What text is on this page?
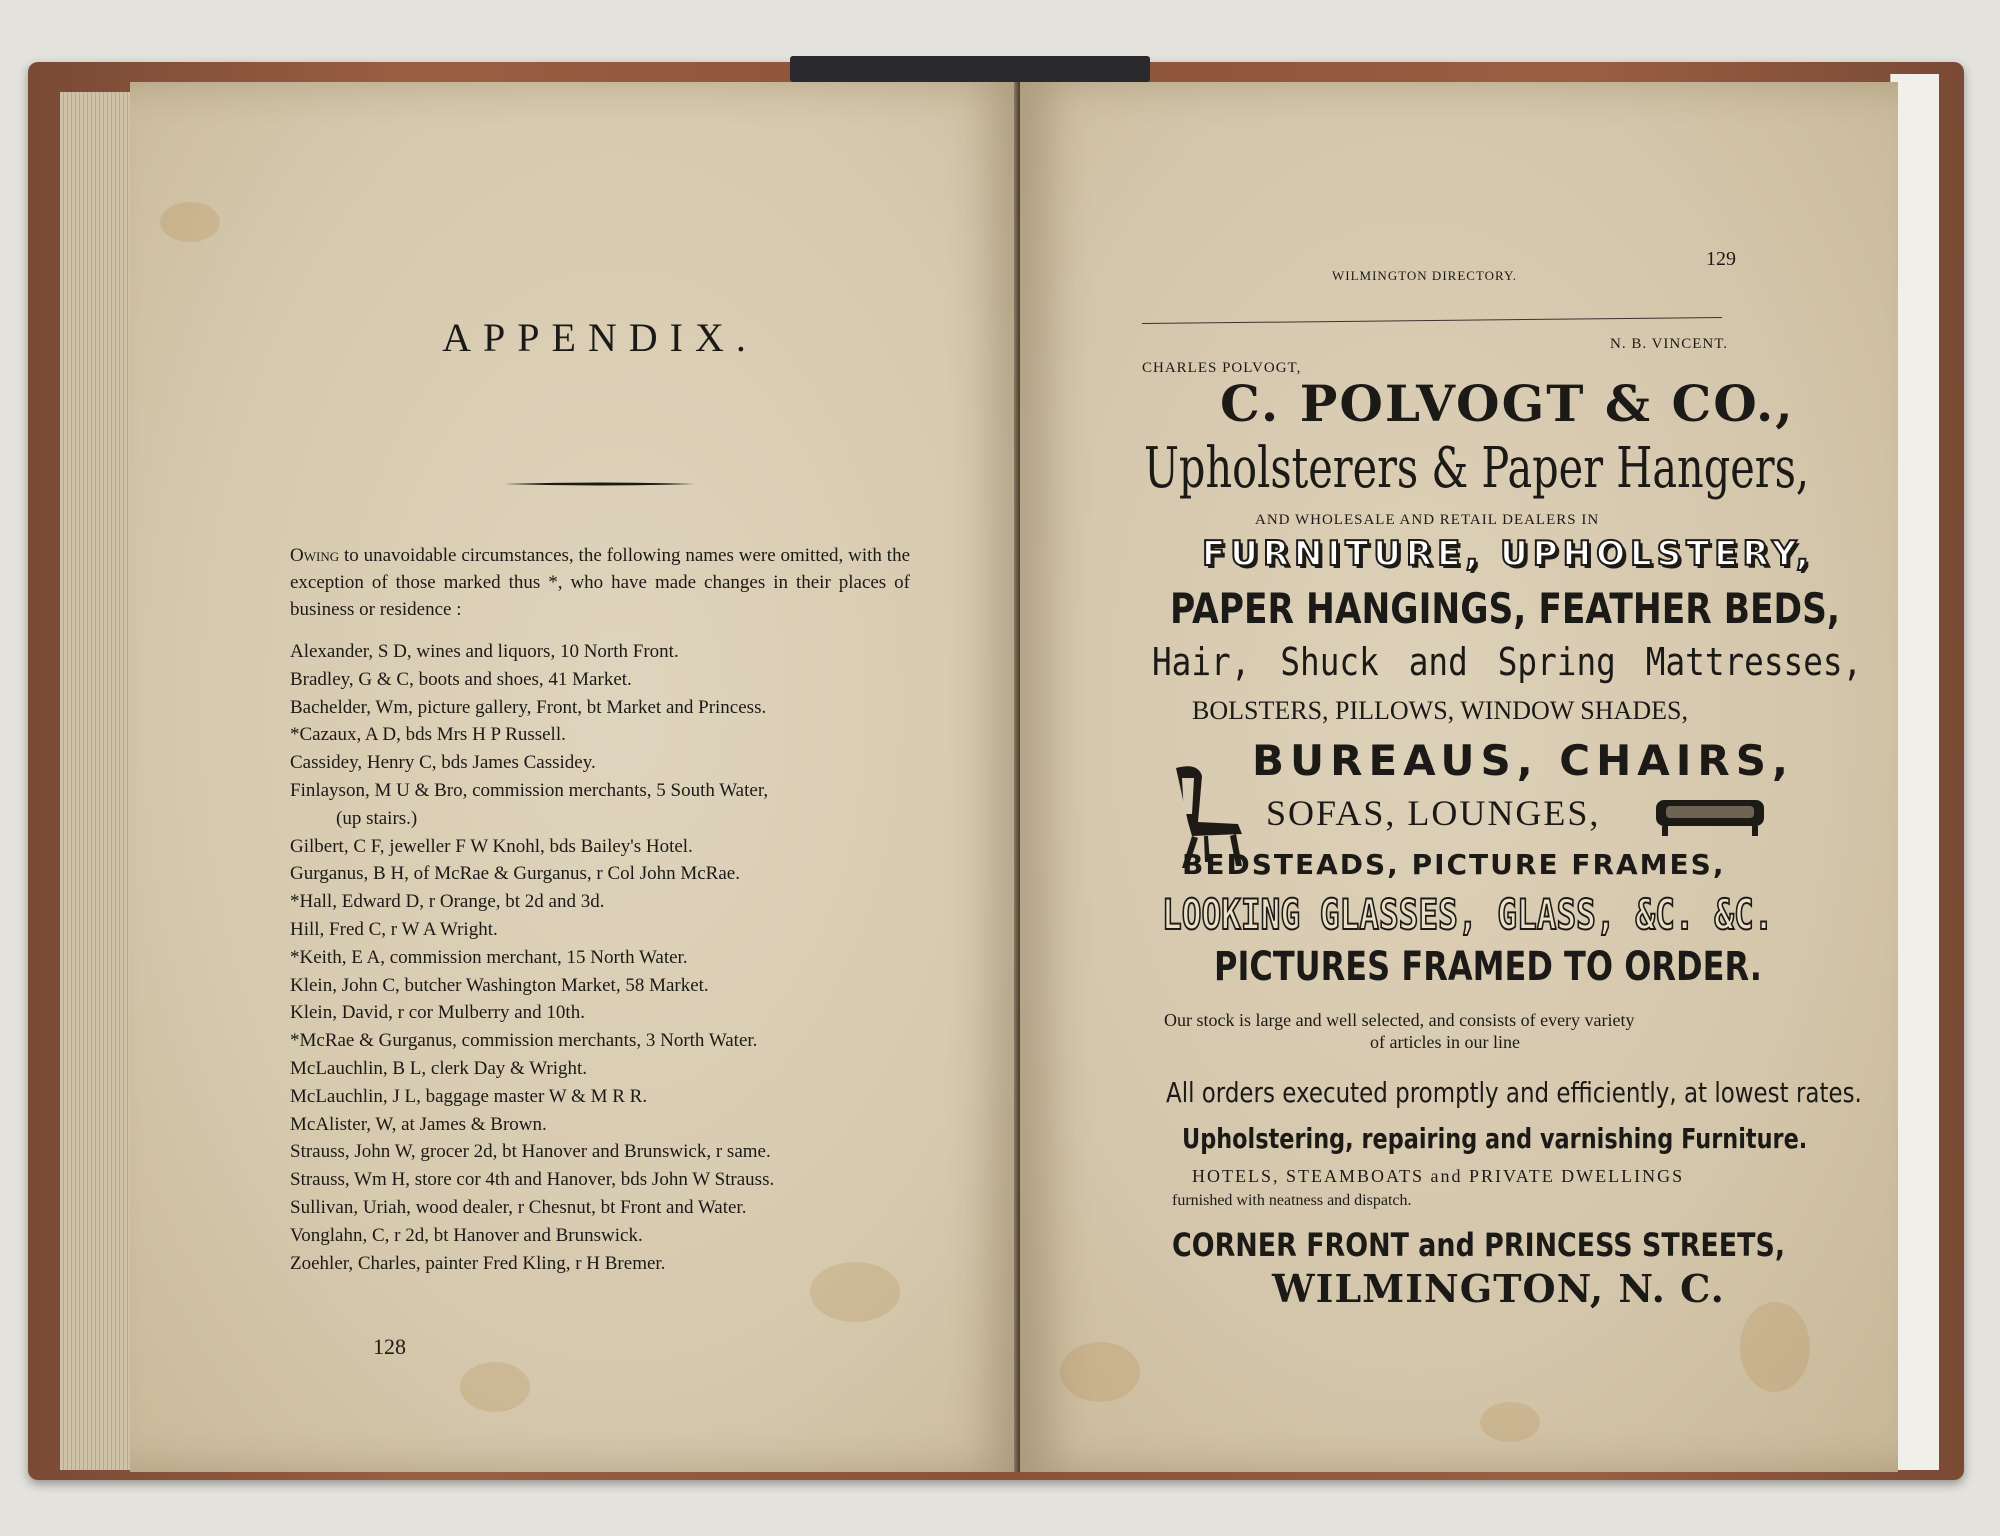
APPENDIX.
Owing to unavoidable circumstances, the following names were omitted, with the exception of those marked thus *, who have made changes in their places of business or residence :
Alexander, S D, wines and liquors, 10 North Front.
Bradley, G & C, boots and shoes, 41 Market.
Bachelder, Wm, picture gallery, Front, bt Market and Princess.
*Cazaux, A D, bds Mrs H P Russell.
Cassidey, Henry C, bds James Cassidey.
Finlayson, M U & Bro, commission merchants, 5 South Water,
(up stairs.)
Gilbert, C F, jeweller F W Knohl, bds Bailey's Hotel.
Gurganus, B H, of McRae & Gurganus, r Col John McRae.
*Hall, Edward D, r Orange, bt 2d and 3d.
Hill, Fred C, r W A Wright.
*Keith, E A, commission merchant, 15 North Water.
Klein, John C, butcher Washington Market, 58 Market.
Klein, David, r cor Mulberry and 10th.
*McRae & Gurganus, commission merchants, 3 North Water.
McLauchlin, B L, clerk Day & Wright.
McLauchlin, J L, baggage master W & M R R.
McAlister, W, at James & Brown.
Strauss, John W, grocer 2d, bt Hanover and Brunswick, r same.
Strauss, Wm H, store cor 4th and Hanover, bds John W Strauss.
Sullivan, Uriah, wood dealer, r Chesnut, bt Front and Water.
Vonglahn, C, r 2d, bt Hanover and Brunswick.
Zoehler, Charles, painter Fred Kling, r H Bremer.
128
WILMINGTON DIRECTORY.
129
CHARLES POLVOGT,
N. B. VINCENT.
C. POLVOGT & CO.,
Upholsterers & Paper Hangers,
AND WHOLESALE AND RETAIL DEALERS IN
FURNITURE, UPHOLSTERY,
PAPER HANGINGS, FEATHER BEDS,
Hair, Shuck and Spring Mattresses,
BOLSTERS, PILLOWS, WINDOW SHADES,
BUREAUS, CHAIRS,
SOFAS, LOUNGES,
BEDSTEADS, PICTURE FRAMES,
LOOKING GLASSES, GLASS, &C. &C.
PICTURES FRAMED TO ORDER.
Our stock is large and well selected, and consists of every variety
of articles in our line
All orders executed promptly and efficiently, at lowest rates.
Upholstering, repairing and varnishing Furniture.
HOTELS, STEAMBOATS and PRIVATE DWELLINGS
furnished with neatness and dispatch.
CORNER FRONT and PRINCESS STREETS,
WILMINGTON, N. C.
